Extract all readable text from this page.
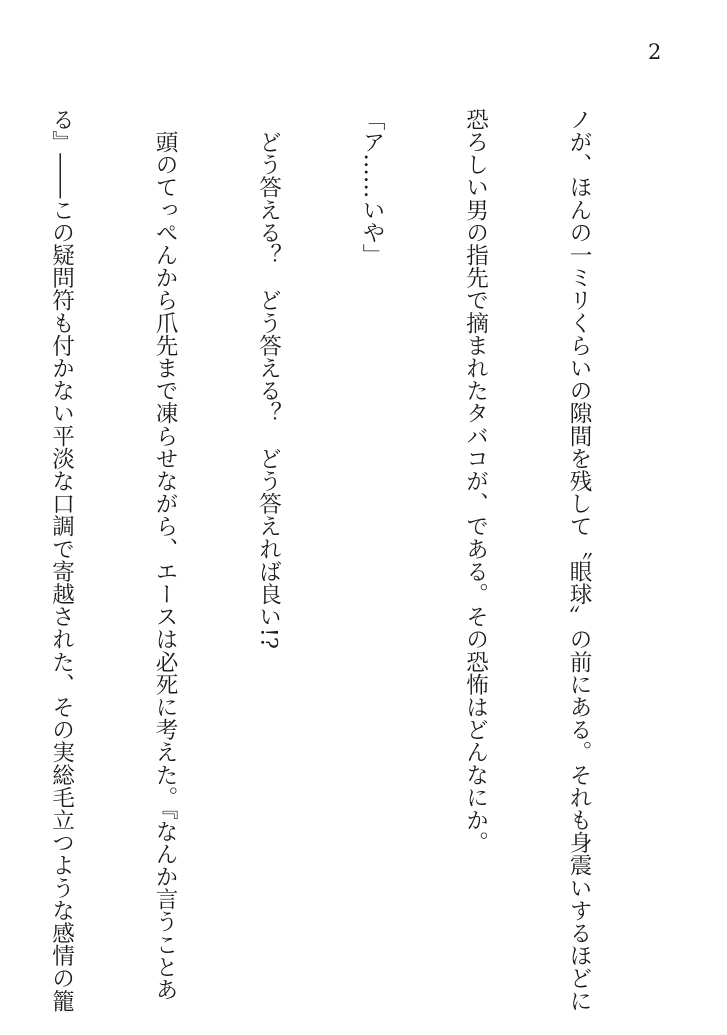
2

ノが、ほんの一ミリくらいの隙間を残して〝眼球〟の前にある。それも身震いするほどに

恐ろしい男の指先で摘まれたタバコが、である。その恐怖はどんなにか。

「ア……いや」

　どう答える？　どう答える？　どう答えれば良い!?

　頭のてっぺんから爪先まで凍らせながら、エースは必死に考えた。『なんか言うことあ

る』――この疑問符も付かない平淡な口調で寄越された、その実総毛立つような感情の籠
